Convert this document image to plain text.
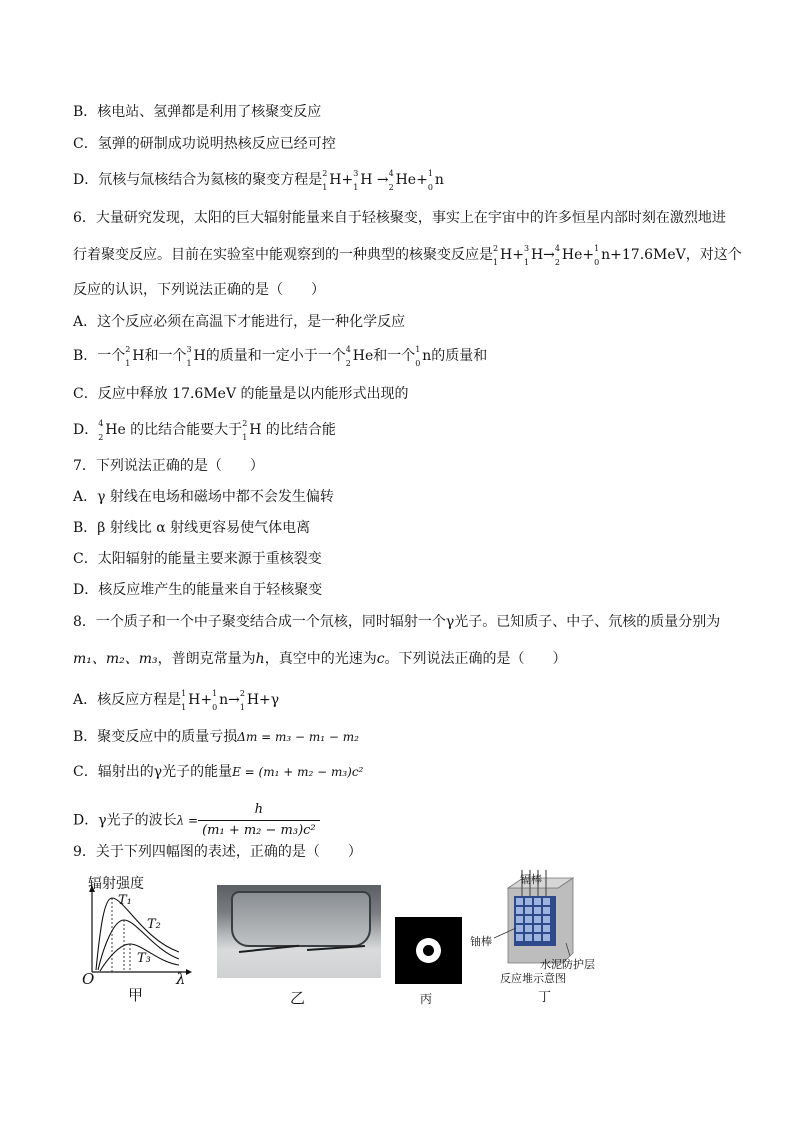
B．核电站、氢弹都是利用了核聚变反应
C．氢弹的研制成功说明热核反应已经可控
D．氘核与氚核结合为氦核的聚变方程是 2
1 H+ 3
1 H → 4
2 He+ 1
0 n
6．大量研究发现，太阳的巨大辐射能量来自于轻核聚变，事实上在宇宙中的许多恒星内部时刻在激烈地进
行着聚变反应。目前在实验室中能观察到的一种典型的核聚变反应是 2
1 H+ 3
1 H→ 4
2 He+ 1
0 n+17.6MeV，对这个
反应的认识，下列说法正确的是（　　）
A．这个反应必须在高温下才能进行，是一种化学反应
B．一个 2
1 H和一个 3
1 H的质量和一定小于一个 4
2 He和一个 1
0 n的质量和
C．反应中释放 17.6MeV 的能量是以内能形式出现的
D． 4
2 He 的比结合能要大于 2
1 H 的比结合能
7．下列说法正确的是（　　）
A．γ 射线在电场和磁场中都不会发生偏转
B．β 射线比 α 射线更容易使气体电离
C．太阳辐射的能量主要来源于重核裂变
D．核反应堆产生的能量来自于轻核聚变
8．一个质子和一个中子聚变结合成一个氘核，同时辐射一个γ光子。已知质子、中子、氘核的质量分别为
m₁、m₂、m₃，普朗克常量为h，真空中的光速为c。下列说法正确的是（　　）
A．核反应方程是 1
1 H+ 1
0 n→ 2
1 H+γ
B．聚变反应中的质量亏损Δm = m₃ − m₁ − m₂
C．辐射出的γ光子的能量E = (m₁ + m₂ − m₃)c²
D．γ光子的波长$\lambda = \frac{h}{\text{(m₁ + m₂ − m₃)c²}}$
9．关于下列四幅图的表述，正确的是（　　）
辐射强度
T₁
T₂
T₃
O	λ
甲	乙	丙
镉棒
铀棒
水泥防护层
反应堆示意图
丁
